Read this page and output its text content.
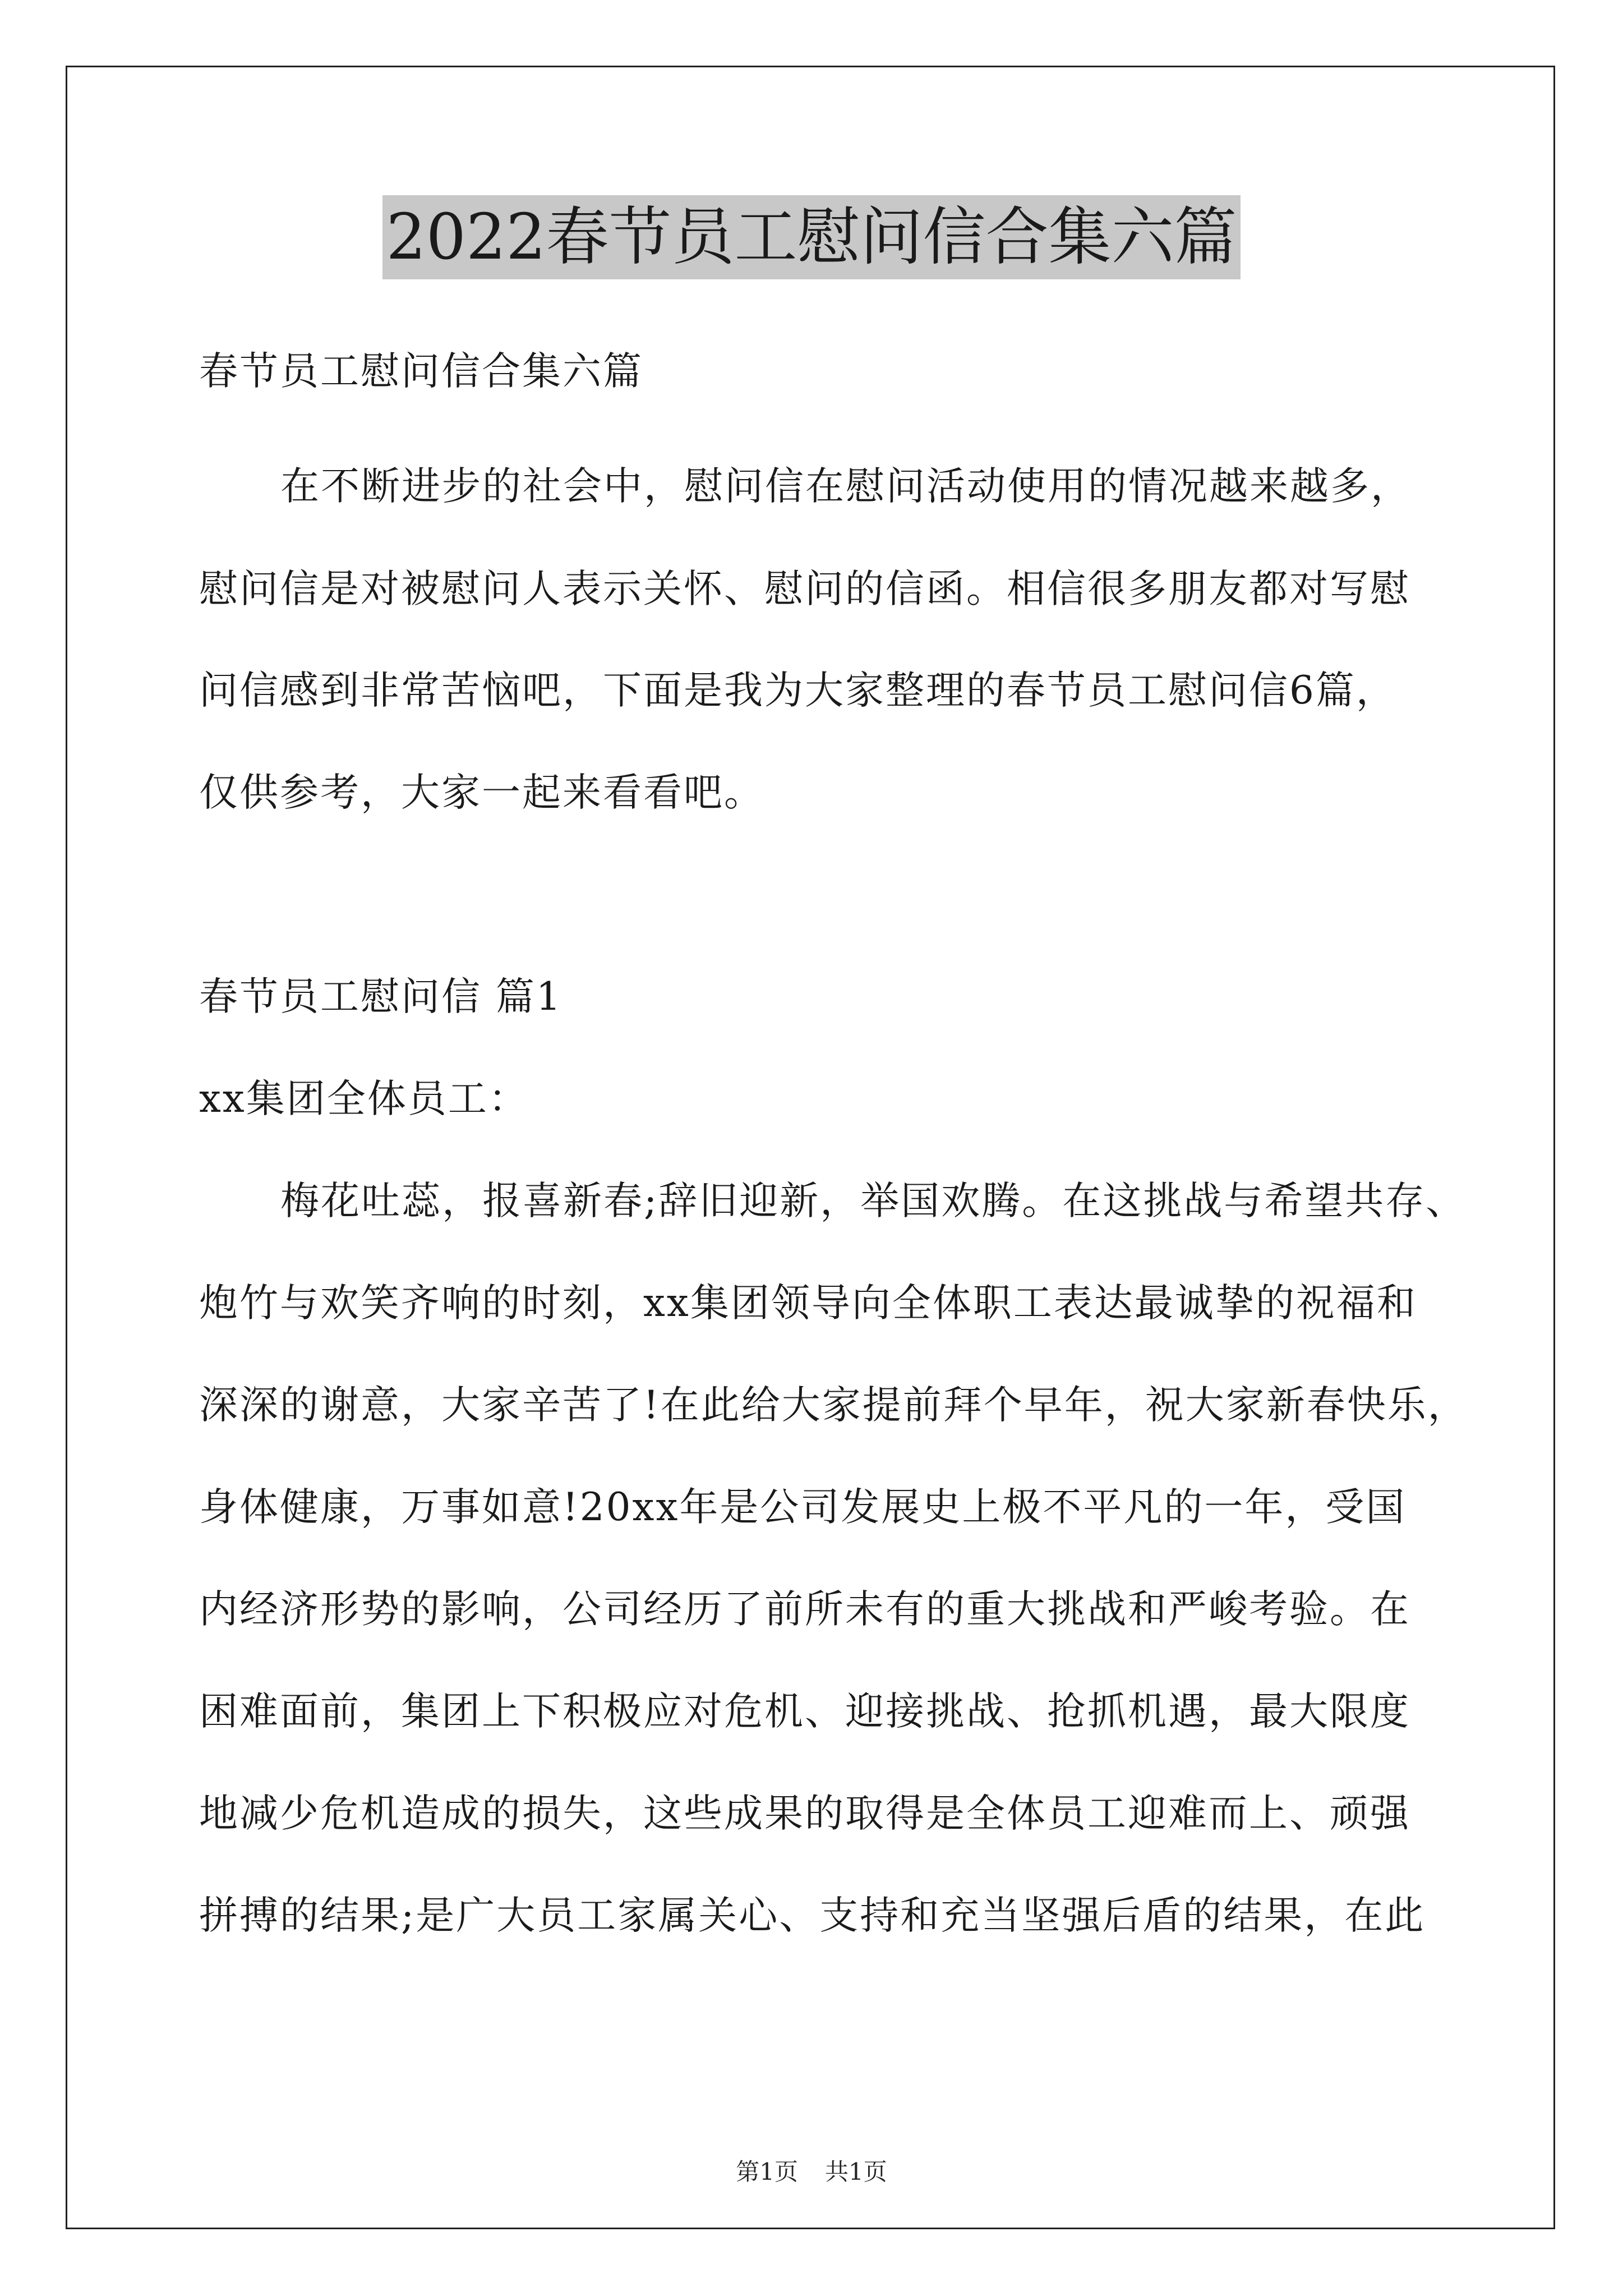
2022春节员工慰问信合集六篇
春节员工慰问信合集六篇
在不断进步的社会中，慰问信在慰问活动使用的情况越来越多，
慰问信是对被慰问人表示关怀、慰问的信函。相信很多朋友都对写慰
问信感到非常苦恼吧，下面是我为大家整理的春节员工慰问信6篇，
仅供参考，大家一起来看看吧。
春节员工慰问信 篇1
xx集团全体员工：
梅花吐蕊，报喜新春;辞旧迎新，举国欢腾。在这挑战与希望共存、
炮竹与欢笑齐响的时刻，xx集团领导向全体职工表达最诚挚的祝福和
深深的谢意，大家辛苦了!在此给大家提前拜个早年，祝大家新春快乐，
身体健康，万事如意!20xx年是公司发展史上极不平凡的一年，受国
内经济形势的影响，公司经历了前所未有的重大挑战和严峻考验。在
困难面前，集团上下积极应对危机、迎接挑战、抢抓机遇，最大限度
地减少危机造成的损失，这些成果的取得是全体员工迎难而上、顽强
拼搏的结果;是广大员工家属关心、支持和充当坚强后盾的结果，在此
第1页 共1页
